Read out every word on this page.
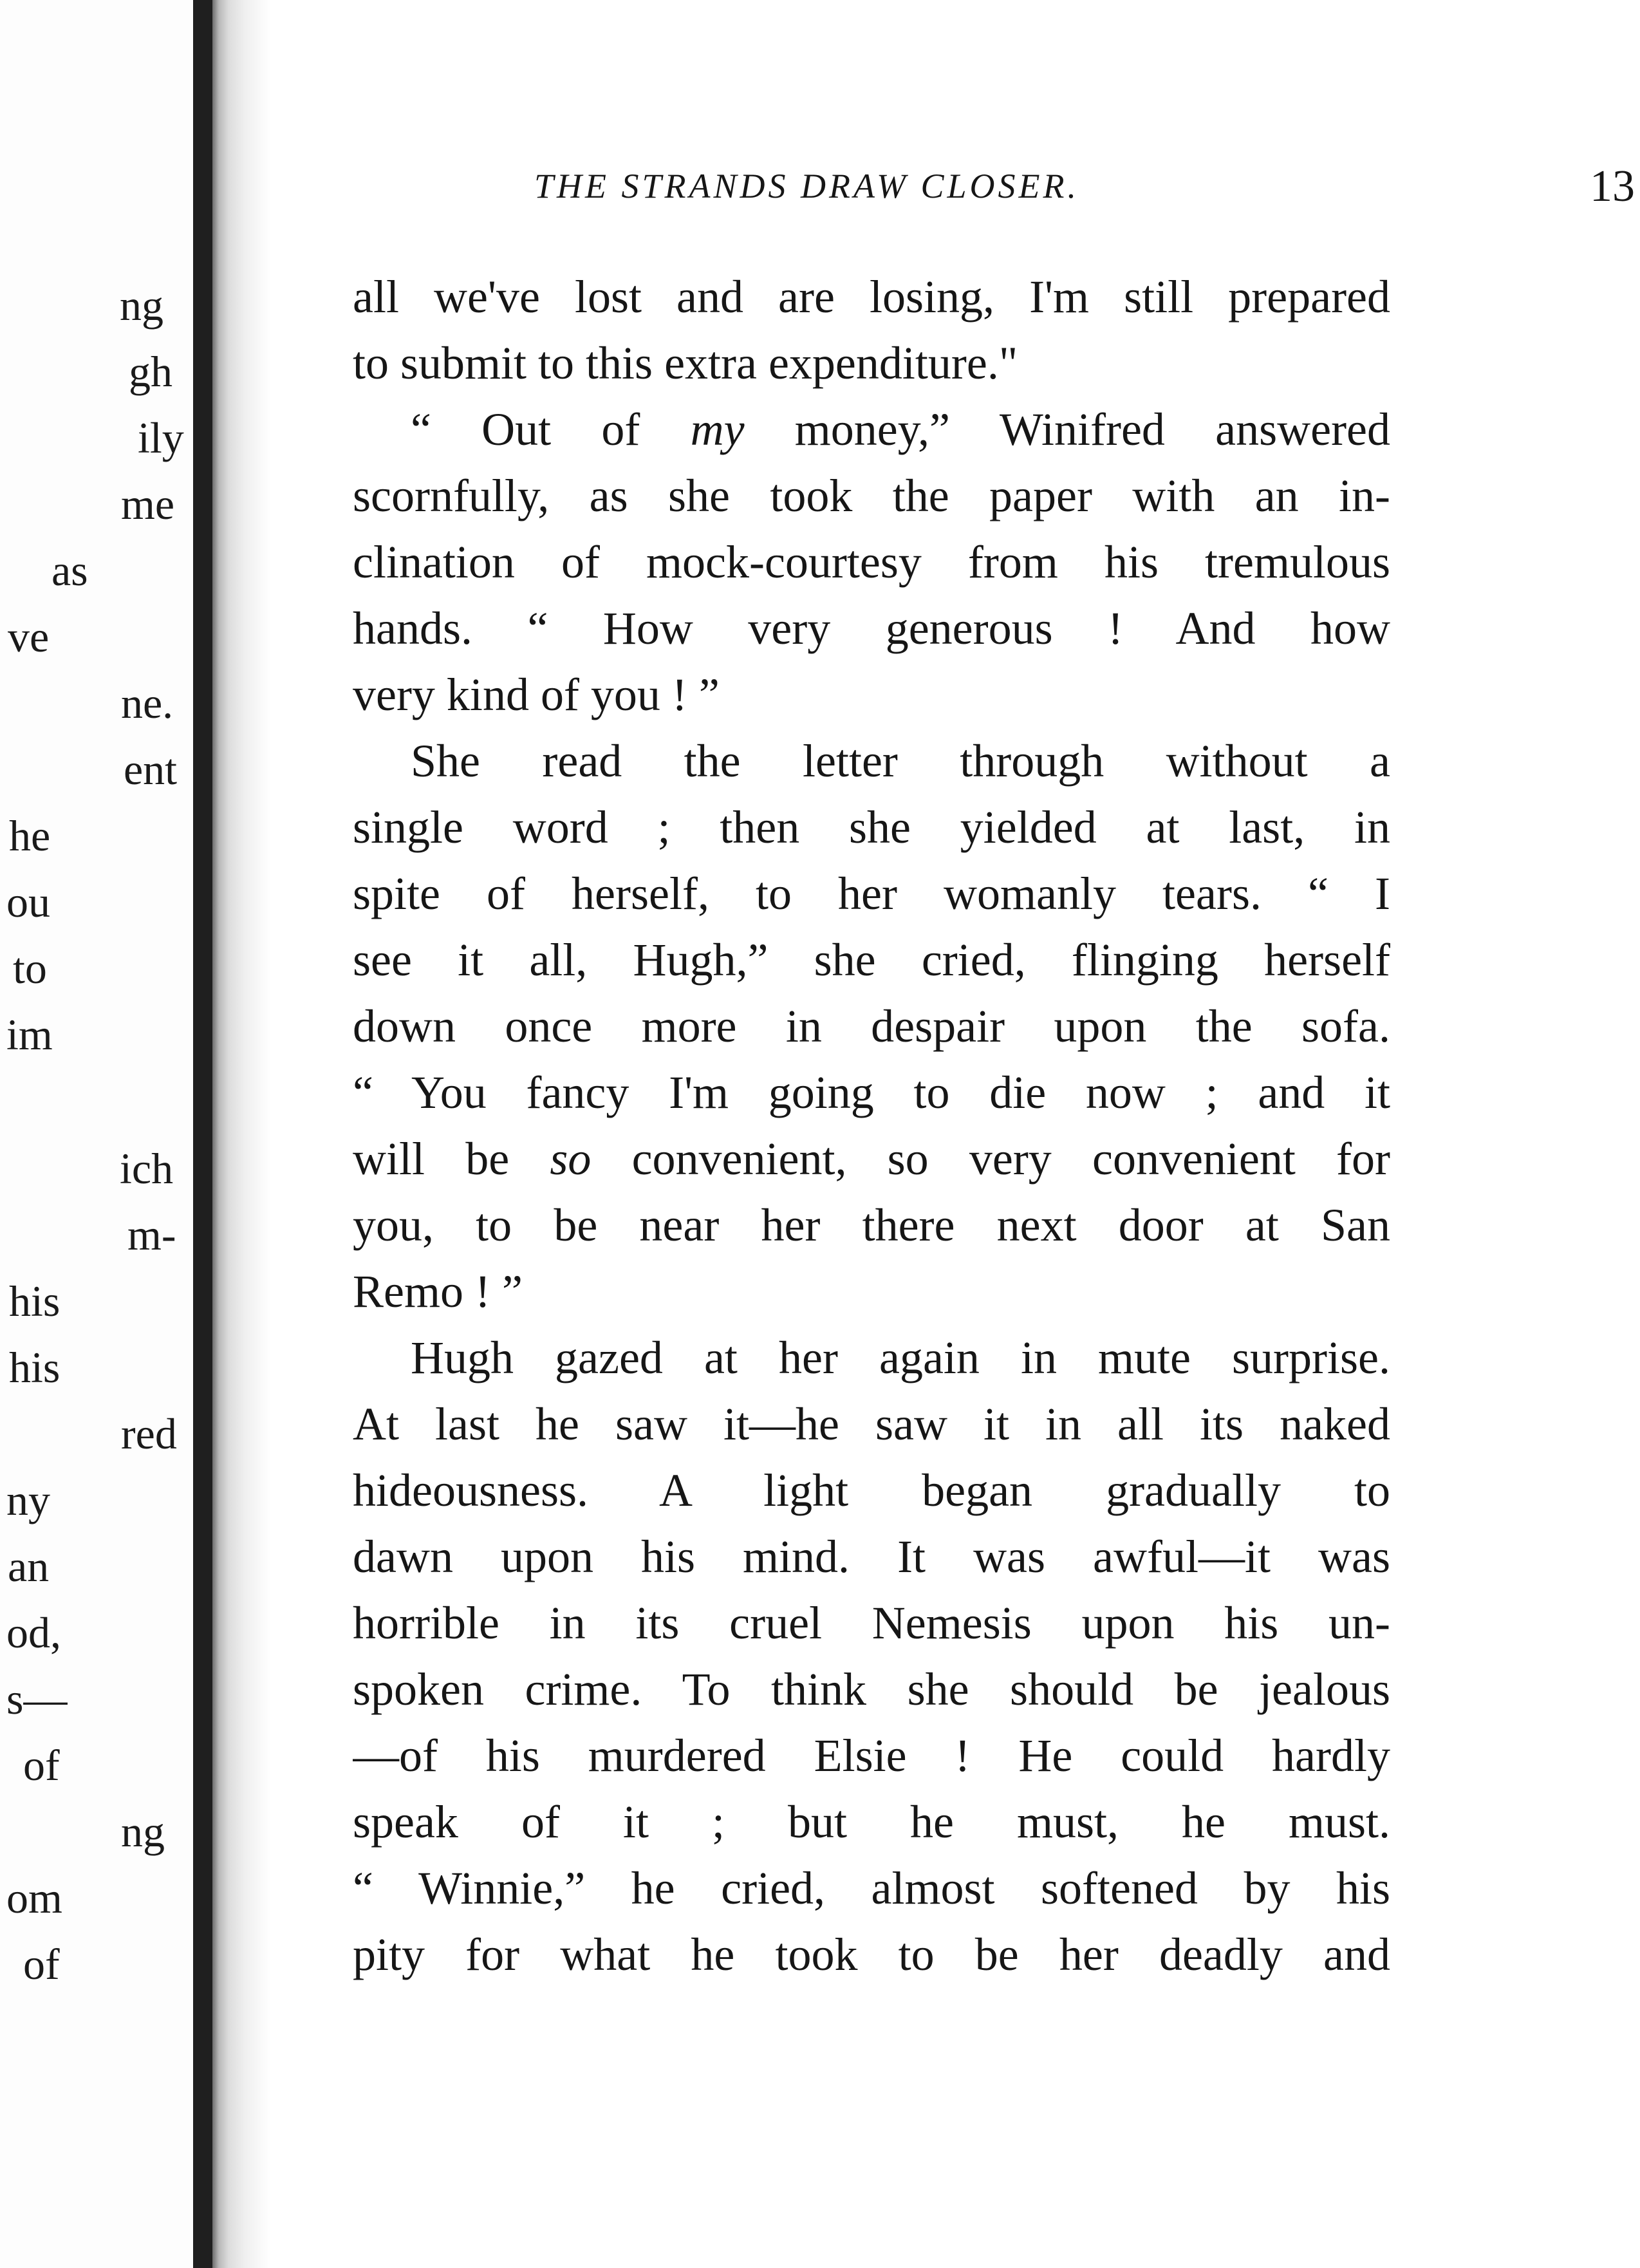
ng
gh
ily
me
as
ve
ne.
ent
he
ou
to
im
ich
m-
his
his
red
ny
an
od,
s—
of
ng
om
of
THE STRANDS DRAW CLOSER.	13
all we've lost and are losing, I'm still prepared
to submit to this extra expenditure."
“ Out of my money,” Winifred answered
scornfully, as she took the paper with an in-
clination of mock-courtesy from his tremulous
hands. “ How very generous ! And how
very kind of you ! ”
She read the letter through without a
single word ; then she yielded at last, in
spite of herself, to her womanly tears. “ I
see it all, Hugh,” she cried, flinging herself
down once more in despair upon the sofa.
“ You fancy I'm going to die now ; and it
will be so convenient, so very convenient for
you, to be near her there next door at San
Remo ! ”
Hugh gazed at her again in mute surprise.
At last he saw it—he saw it in all its naked
hideousness. A light began gradually to
dawn upon his mind. It was awful—it was
horrible in its cruel Nemesis upon his un-
spoken crime. To think she should be jealous
—of his murdered Elsie ! He could hardly
speak of it ; but he must, he must.
“ Winnie,” he cried, almost softened by his
pity for what he took to be her deadly and
